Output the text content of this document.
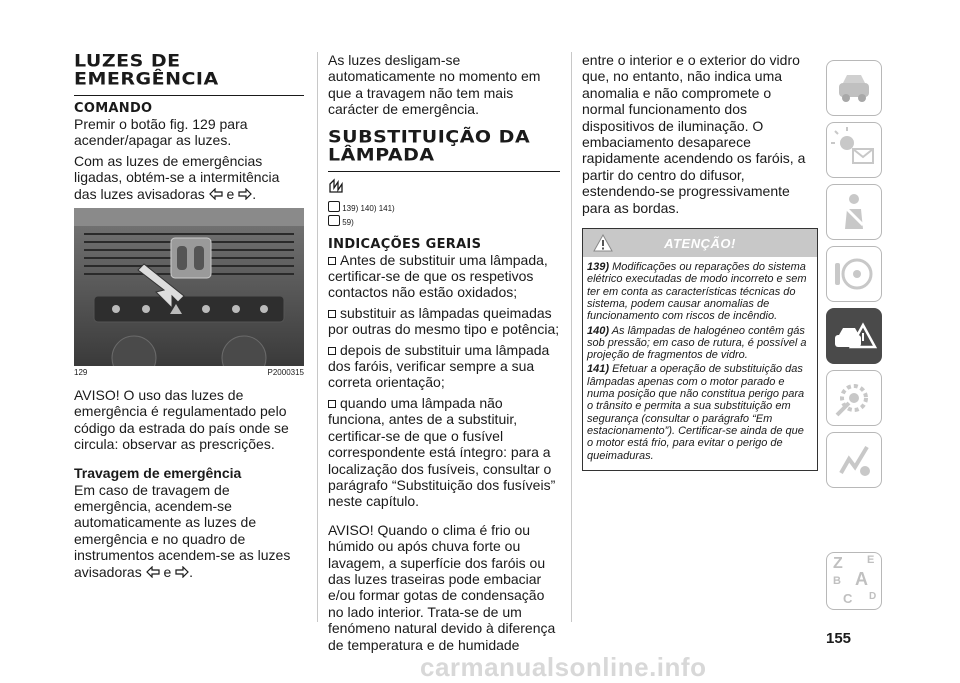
LUZES DE
EMERGÊNCIA
COMANDO

Premir o botão fig. 129 para acender/apagar as luzes.

Com as luzes de emergências ligadas, obtém-se a intermitência das luzes avisadoras e .

129	P2000315

AVISO! O uso das luzes de emergência é regulamentado pelo código da estrada do país onde se circula: observar as prescrições.

Travagem de emergência

Em caso de travagem de emergência, acendem-se automaticamente as luzes de emergência e no quadro de instrumentos acendem-se as luzes avisadoras e .

As luzes desligam-se automaticamente no momento em que a travagem não tem mais carácter de emergência.

SUBSTITUIÇÃO DA
LÂMPADA
139) 140) 141)
59)
INDICAÇÕES GERAIS

Antes de substituir uma lâmpada, certificar-se de que os respetivos contactos não estão oxidados;

substituir as lâmpadas queimadas por outras do mesmo tipo e potência;

depois de substituir uma lâmpada dos faróis, verificar sempre a sua correta orientação;

quando uma lâmpada não funciona, antes de a substituir, certificar-se de que o fusível correspondente está íntegro: para a localização dos fusíveis, consultar o parágrafo “Substituição dos fusíveis” neste capítulo.

AVISO! Quando o clima é frio ou húmido ou após chuva forte ou lavagem, a superfície dos faróis ou das luzes traseiras pode embaciar e/ou formar gotas de condensação no lado interior. Trata-se de um fenómeno natural devido à diferença de temperatura e de humidade

entre o interior e o exterior do vidro que, no entanto, não indica uma anomalia e não compromete o normal funcionamento dos dispositivos de iluminação. O embaciamento desaparece rapidamente acendendo os faróis, a partir do centro do difusor, estendendo-se progressivamente para as bordas.

ATENÇÃO!

139) Modificações ou reparações do sistema elétrico executadas de modo incorreto e sem ter em conta as características técnicas do sistema, podem causar anomalias de funcionamento com riscos de incêndio.

140) As lâmpadas de halogéneo contêm gás sob pressão; em caso de rutura, é possível a projeção de fragmentos de vidro.

141) Efetuar a operação de substituição das lâmpadas apenas com o motor parado e numa posição que não constitua perigo para o trânsito e permita a sua substituição em segurança (consultar o parágrafo “Em estacionamento”). Certificar-se ainda de que o motor está frio, para evitar o perigo de queimaduras.

Z E
B A
C D
155
carmanualsonline.info
